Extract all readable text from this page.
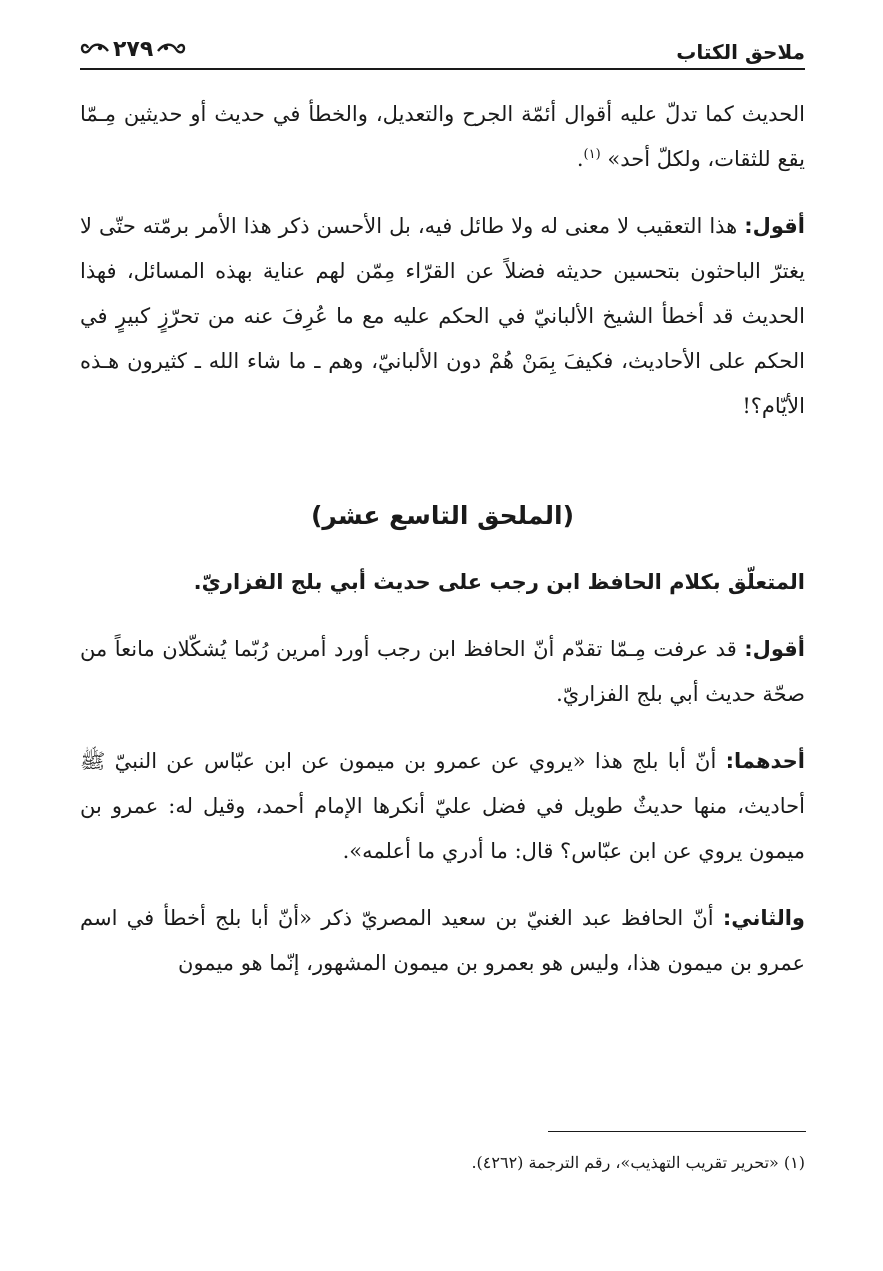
ملاحق الكتاب
٢٧٩

الحديث كما تدلّ عليه أقوال أئمّة الجرح والتعديل، والخطأ في حديث أو حديثين مِـمّا يقع للثقات، ولكلّ أحد» $^{(١)}$.

أقول: هذا التعقيب لا معنى له ولا طائل فيه، بل الأحسن ذكر هذا الأمر برمّته حتّى لا يغترّ الباحثون بتحسين حديثه فضلاً عن القرّاء مِمّن لهم عناية بهذه المسائل، فهذا الحديث قد أخطأ الشيخ الألبانيّ في الحكم عليه مع ما عُرِفَ عنه من تحرّزٍ كبيرٍ في الحكم على الأحاديث، فكيفَ بِمَنْ هُمْ دون الألبانيّ، وهم ـ ما شاء الله ـ كثيرون هـذه الأيّام؟!

(الملحق التاسع عشر)

المتعلّق بكلام الحافظ ابن رجب على حديث أبي بلج الفزاريّ.

أقول: قد عرفت مِـمّا تقدّم أنّ الحافظ ابن رجب أورد أمرين رُبّما يُشكّلان مانعاً من صحّة حديث أبي بلج الفزاريّ.

أحدهما: أنّ أبا بلج هذا «يروي عن عمرو بن ميمون عن ابن عبّاس عن النبيّ ﷺ أحاديث، منها حديثٌ طويل في فضل عليّ أنكرها الإمام أحمد، وقيل له: عمرو بن ميمون يروي عن ابن عبّاس؟ قال: ما أدري ما أعلمه».

والثاني: أنّ الحافظ عبد الغنيّ بن سعيد المصريّ ذكر «أنّ أبا بلج أخطأ في اسم عمرو بن ميمون هذا، وليس هو بعمرو بن ميمون المشهور، إنّما هو ميمون

(١) «تحرير تقريب التهذيب»، رقم الترجمة (٤٢٦٢).
